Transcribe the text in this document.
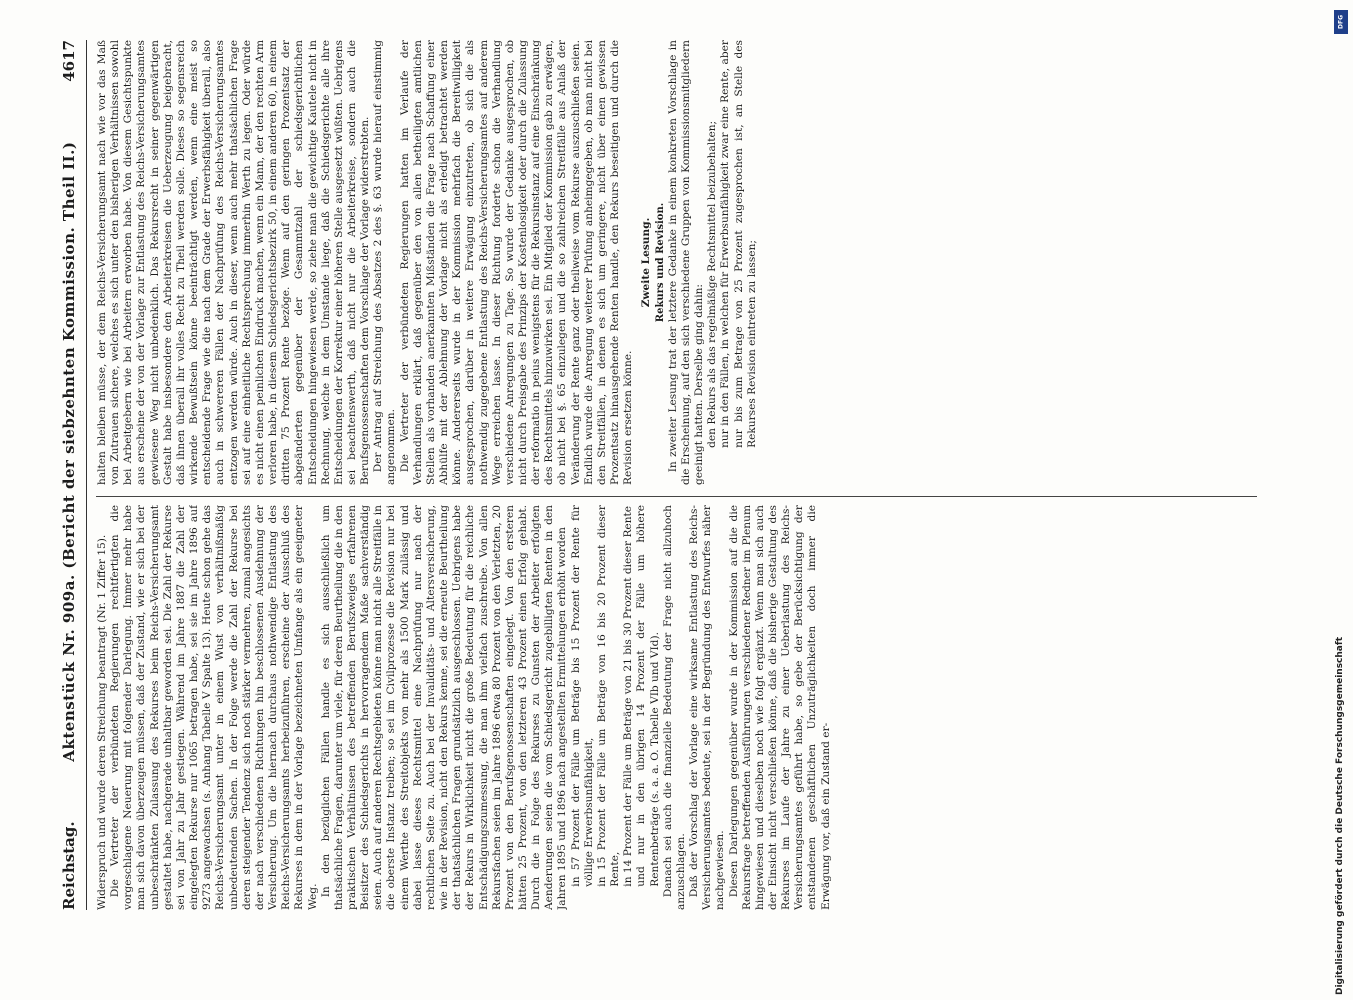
Reichstag.
Aktenstück Nr. 909a. (Bericht der siebzehnten Kommission. Theil II.)
4617

Widerspruch und wurde deren Streichung beantragt (Nr. 1 Ziffer 15). Die Vertreter der verbündeten Regierungen rechtfertigten die vorgeschlagene Neuerung mit folgender Darlegung. Immer mehr habe man sich davon überzeugen müssen, daß der Zustand, wie er sich bei der unbeschränkten Zulassung des Rekurses beim Reichs-Versicherungsamt gestaltet habe, nachgerade unhaltbar geworden sei. Die Zahl der Rekurse sei von Jahr zu Jahr gestiegen. Während im Jahre 1887 die Zahl der eingelegten Rekurse nur 1065 betragen habe, sei sie im Jahre 1896 auf 9273 angewachsen (s. Anhang Tabelle V Spalte 13). Heute schon gehe das Reichs-Versicherungsamt unter in einem Wust von verhältnißmäßig unbedeutenden Sachen. In der Folge werde die Zahl der Rekurse bei deren steigender Tendenz sich noch stärker vermehren, zumal angesichts der nach verschiedenen Richtungen hin beschlossenen Ausdehnung der Versicherung. Um die hiernach durchaus nothwendige Entlastung des Reichs-Versicherungsamts herbeizuführen, erscheine der Ausschluß des Rekurses in dem in der Vorlage bezeichneten Umfange als ein geeigneter Weg. In den bezüglichen Fällen handle es sich ausschließlich um thatsächliche Fragen, darunter um viele, für deren Beurtheilung die in den praktischen Verhältnissen des betreffenden Berufszweiges erfahrenen Beisitzer des Schiedsgerichts in hervorragendem Maße sachverständig seien. Auch auf anderen Rechtsgebieten könne man nicht alle Streitfälle in die oberste Instanz treiben; so sei im Civilprozesse die Revision nur bei einem Werthe des Streitobjekts von mehr als 1500 Mark zulässig und dabei lasse dieses Rechtsmittel eine Nachprüfung nur nach der rechtlichen Seite zu. Auch bei der Invaliditäts- und Altersversicherung, wie in der Revision, nicht den Rekurs kenne, sei die erneute Beurtheilung der thatsächlichen Fragen grundsätzlich ausgeschlossen. Uebrigens habe der Rekurs in Wirklichkeit nicht die große Bedeutung für die reichliche Entschädigungszumessung, die man ihm vielfach zuschreibe. Von allen Rekursfachen seien im Jahre 1896 etwa 80 Prozent von den Verletzten, 20 Prozent von den Berufsgenossenschaften eingelegt. Von den ersteren hätten 25 Prozent, von den letzteren 43 Prozent einen Erfolg gehabt. Durch die in Folge des Rekurses zu Gunsten der Arbeiter erfolgten Aenderungen seien die vom Schiedsgericht zugebilligten Renten in den Jahren 1895 und 1896 nach angestellten Ermittelungen erhöht worden in 57 Prozent der Fälle um Beträge bis 15 Prozent der Rente für völlige Erwerbsunfähigkeit, in 15 Prozent der Fälle um Beträge von 16 bis 20 Prozent dieser Rente, in 14 Prozent der Fälle um Beträge von 21 bis 30 Prozent dieser Rente und nur in den übrigen 14 Prozent der Fälle um höhere Rentenbeträge (s. a. a. O. Tabelle VIb und VId). Danach sei auch die finanzielle Bedeutung der Frage nicht allzuhoch anzuschlagen. Daß der Vorschlag der Vorlage eine wirksame Entlastung des Reichs-Versicherungsamtes bedeute, sei in der Begründung des Entwurfes näher nachgewiesen. Diesen Darlegungen gegenüber wurde in der Kommission auf die die Rekursfrage betreffenden Ausführungen verschiedener Redner im Plenum hingewiesen und dieselben noch wie folgt ergänzt. Wenn man sich auch der Einsicht nicht verschließen könne, daß die bisherige Gestaltung des Rekurses im Laufe der Jahre zu einer Ueberlastung des Reichs-Versicherungsamtes geführt habe, so gebe der Berücksichtigung der entstandenen geschäftlichen Unzuträglichkeiten doch immer die Erwägung vor, daß ein Zustand er-

halten bleiben müsse, der dem Reichs-Versicherungsamt nach wie vor das Maß von Zutrauen sichere, welches es sich unter den bisherigen Verhältnissen sowohl bei Arbeitgebern wie bei Arbeitern erworben habe. Von diesem Gesichtspunkte aus erscheine der von der Vorlage zur Entlastung des Reichs-Versicherungsamtes gewiesene Weg nicht unbedenklich. Das Rekursrecht in seiner gegenwärtigen Gestalt habe insbesondere den Arbeiterkreisen die Ueberzeugung beigebracht, daß ihnen überall ihr volles Recht zu Theil werden solle. Dieses so segensreich wirkende Bewußtsein könne beeinträchtigt werden, wenn eine meist so entscheidende Frage wie die nach dem Grade der Erwerbsfähigkeit überall, also auch in schwereren Fällen der Nachprüfung des Reichs-Versicherungsamtes entzogen werden würde. Auch in dieser, wenn auch mehr thatsächlichen Frage sei auf eine einheitliche Rechtsprechung immerhin Werth zu legen. Oder würde es nicht einen peinlichen Eindruck machen, wenn ein Mann, der den rechten Arm verloren habe, in diesem Schiedsgerichtsbezirk 50, in einem anderen 60, in einem dritten 75 Prozent Rente bezöge. Wenn auf den geringen Prozentsatz der abgeänderten gegenüber der Gesammtzahl der schiedsgerichtlichen Entscheidungen hingewiesen werde, so ziehe man die gewichtige Kautele nicht in Rechnung, welche in dem Umstande liege, daß die Schiedsgerichte alle ihre Entscheidungen der Korrektur einer höheren Stelle ausgesetzt wüßten. Uebrigens sei beachtenswerth, daß nicht nur die Arbeiterkreise, sondern auch die Berufsgenossenschaften dem Vorschlage der Vorlage widerstrebten. Der Antrag auf Streichung des Absatzes 2 des §. 63 wurde hierauf einstimmig angenommen. Die Vertreter der verbündeten Regierungen hatten im Verlaufe der Verhandlungen erklärt, daß gegenüber den von allen betheiligten amtlichen Stellen als vorhanden anerkannten Mißständen die Frage nach Schaffung einer Abhülfe mit der Ablehnung der Vorlage nicht als erledigt betrachtet werden könne. Andererseits wurde in der Kommission mehrfach die Bereitwilligkeit ausgesprochen, darüber in weitere Erwägung einzutreten, ob sich die als nothwendig zugegebene Entlastung des Reichs-Versicherungsamtes auf anderem Wege erreichen lasse. In dieser Richtung forderte schon die Verhandlung verschiedene Anregungen zu Tage. So wurde der Gedanke ausgesprochen, ob nicht durch Preisgabe des Prinzips der Kostenlosigkeit oder durch die Zulassung der reformatio in peius wenigstens für die Rekursinstanz auf eine Einschränkung des Rechtsmittels hinzuwirken sei. Ein Mitglied der Kommission gab zu erwägen, ob nicht bei §. 65 einzulegen und die so zahlreichen Streitfälle aus Anlaß der Veränderung der Rente ganz oder theilweise vom Rekurse auszuschließen seien. Endlich wurde die Anregung weiterer Prüfung anheimgegeben, ob man nicht bei den Streitfällen, in denen es sich um geringere, nicht über einen gewissen Prozentsatz hinausgehende Renten handle, den Rekurs beseitigen und durch die Revision ersetzen könne.

Zweite Lesung. Rekurs und Revision. In zweiter Lesung trat der letztere Gedanke in einem konkreten Vorschlage in die Erscheinung, auf den sich verschiedene Gruppen von Kommissionsmitgliedern geeinigt hatten. Derselbe ging dahin: den Rekurs als das regelmäßige Rechtsmittel beizubehalten; nur in den Fällen, in welchen für Erwerbsunfähigkeit zwar eine Rente, aber nur bis zum Betrage von 25 Prozent zugesprochen ist, an Stelle des Rekurses Revision eintreten zu lassen;

DFG
Digitalisierung gefördert durch die Deutsche Forschungsgemeinschaft
